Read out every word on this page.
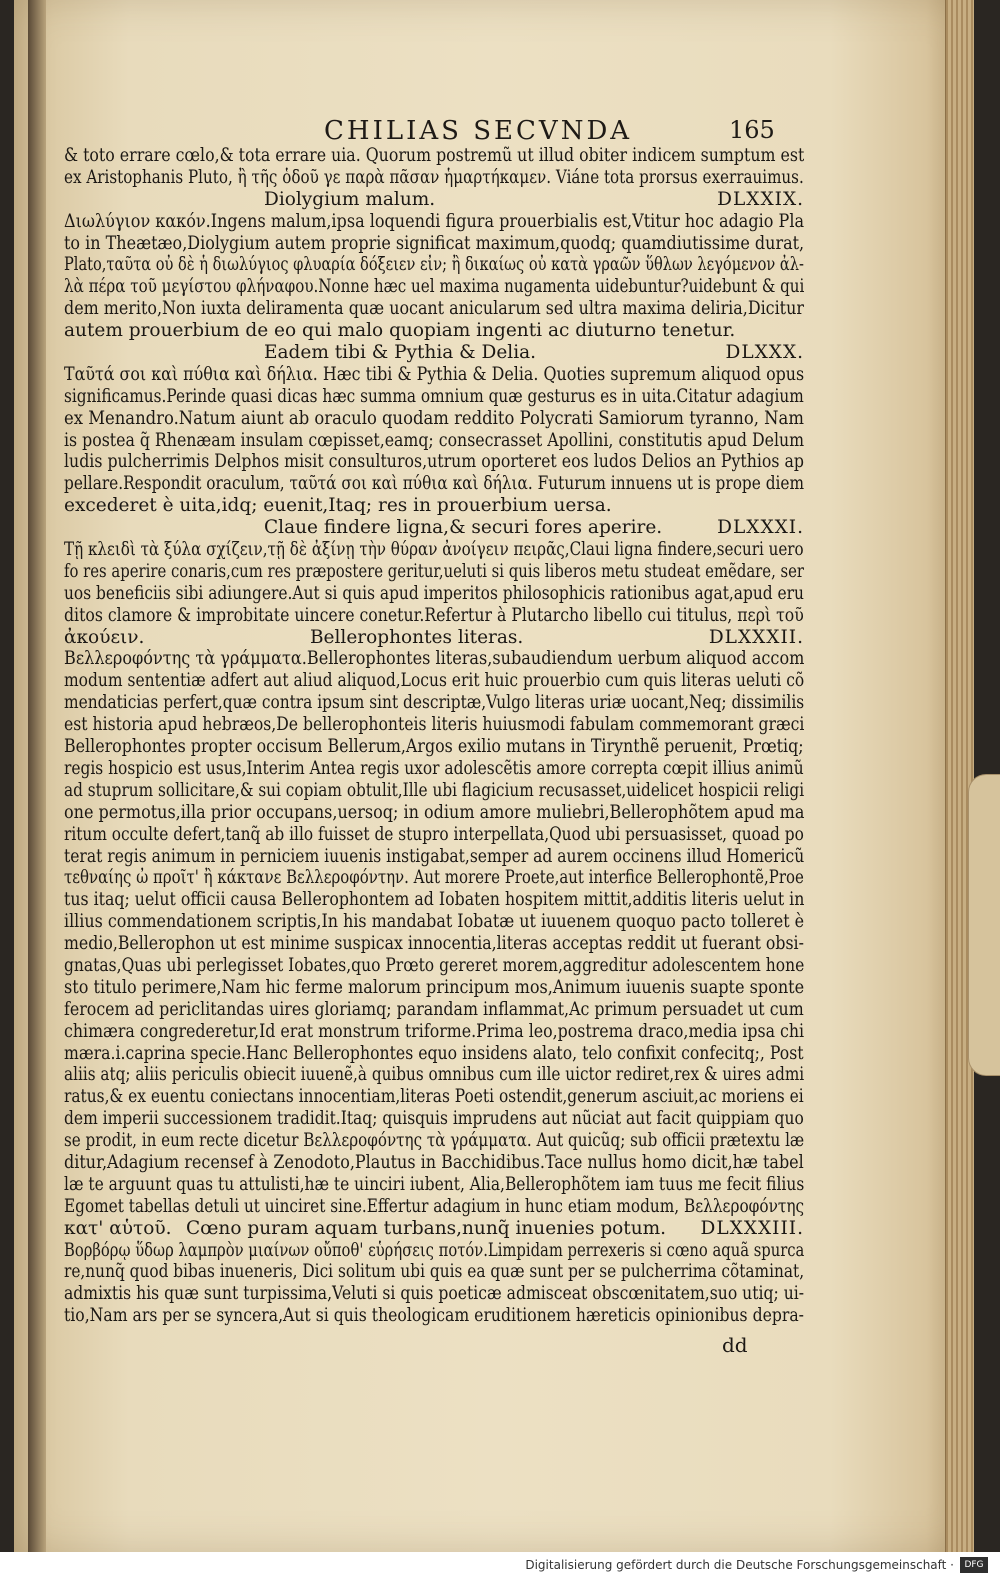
CHILIAS SECVNDA	165
& toto errare cœlo,& tota errare uia. Quorum postremũ ut illud obiter indicem sumptum est
ex Aristophanis Pluto, ἢ τῆς ὁδοῦ γε παρὰ πᾶσαν ἡμαρτήκαμεν. Viáne tota prorsus exerrauimus.
Diolygium malum.	DLXXIX.
Διωλύγιον κακόν.Ingens malum,ipsa loquendi figura prouerbialis est,Vtitur hoc adagio Pla
to in Theætæo,Diolygium autem proprie significat maximum,quodq; quamdiutissime durat,
Plato,ταῦτα οὐ δὲ ἡ διωλύγιος φλυαρία δόξειεν εἶν; ἢ δικαίως οὐ κατὰ γραῶν ὕθλων λεγόμενον ἀλ-
λὰ πέρα τοῦ μεγίστου φλήναφου.Nonne hæc uel maxima nugamenta uidebuntur?uidebunt & qui
dem merito,Non iuxta deliramenta quæ uocant anicularum sed ultra maxima deliria,Dicitur
autem prouerbium de eo qui malo quopiam ingenti ac diuturno tenetur.
Eadem tibi & Pythia & Delia.	DLXXX.
Ταῦτά σοι καὶ πύθια καὶ δήλια. Hæc tibi & Pythia & Delia. Quoties supremum aliquod opus
significamus.Perinde quasi dicas hæc summa omnium quæ gesturus es in uita.Citatur adagium
ex Menandro.Natum aiunt ab oraculo quodam reddito Polycrati Samiorum tyranno, Nam
is postea q̃ Rhenæam insulam cœpisset,eamq; consecrasset Apollini, constitutis apud Delum
ludis pulcherrimis Delphos misit consulturos,utrum oporteret eos ludos Delios an Pythios ap
pellare.Respondit oraculum, ταῦτά σοι καὶ πύθια καὶ δήλια. Futurum innuens ut is prope diem
excederet è uita,idq; euenit,Itaq; res in prouerbium uersa.
Claue findere ligna,& securi fores aperire.	DLXXXI.
Τῇ κλειδὶ τὰ ξύλα σχίζειν,τῇ δὲ ἀξίνῃ τὴν θύραν ἀνοίγειν πειρᾶς,Claui ligna findere,securi uero
fo res aperire conaris,cum res præpostere geritur,ueluti si quis liberos metu studeat emẽdare, ser
uos beneficiis sibi adiungere.Aut si quis apud imperitos philosophicis rationibus agat,apud eru
ditos clamore & improbitate uincere conetur.Refertur à Plutarcho libello cui titulus, περὶ τοῦ
ἀκούειν.	Bellerophontes literas.	DLXXXII.
Βελλεροφόντης τὰ γράμματα.Bellerophontes literas,subaudiendum uerbum aliquod accom
modum sententiæ adfert aut aliud aliquod,Locus erit huic prouerbio cum quis literas ueluti cõ
mendaticias perfert,quæ contra ipsum sint descriptæ,Vulgo literas uriæ uocant,Neq; dissimilis
est historia apud hebræos,De bellerophonteis literis huiusmodi fabulam commemorant græci
Bellerophontes propter occisum Bellerum,Argos exilio mutans in Tirynthẽ peruenit, Prœtiq;
regis hospicio est usus,Interim Antea regis uxor adolescẽtis amore correpta cœpit illius animũ
ad stuprum sollicitare,& sui copiam obtulit,Ille ubi flagicium recusasset,uidelicet hospicii religi
one permotus,illa prior occupans,uersoq; in odium amore muliebri,Bellerophõtem apud ma
ritum occulte defert,tanq̃ ab illo fuisset de stupro interpellata,Quod ubi persuasisset, quoad po
terat regis animum in perniciem iuuenis instigabat,semper ad aurem occinens illud Homericũ
τεθναίης ὦ προῖτ' ἢ κάκτανε Βελλεροφόντην. Aut morere Proete,aut interfice Bellerophontẽ,Proe
tus itaq; uelut officii causa Bellerophontem ad Iobaten hospitem mittit,additis literis uelut in
illius commendationem scriptis,In his mandabat Iobatæ ut iuuenem quoquo pacto tolleret è
medio,Bellerophon ut est minime suspicax innocentia,literas acceptas reddit ut fuerant obsi-
gnatas,Quas ubi perlegisset Iobates,quo Prœto gereret morem,aggreditur adolescentem hone
sto titulo perimere,Nam hic ferme malorum principum mos,Animum iuuenis suapte sponte
ferocem ad periclitandas uires gloriamq; parandam inflammat,Ac primum persuadet ut cum
chimæra congrederetur,Id erat monstrum triforme.Prima leo,postrema draco,media ipsa chi
mæra.i.caprina specie.Hanc Bellerophontes equo insidens alato, telo confixit confecitq;, Post
aliis atq; aliis periculis obiecit iuuenẽ,à quibus omnibus cum ille uictor rediret,rex & uires admi
ratus,& ex euentu coniectans innocentiam,literas Poeti ostendit,generum asciuit,ac moriens ei
dem imperii successionem tradidit.Itaq; quisquis imprudens aut nũciat aut facit quippiam quo
se prodit, in eum recte dicetur Βελλεροφόντης τὰ γράμματα. Aut quicũq; sub officii prætextu læ
ditur,Adagium recensef à Zenodoto,Plautus in Bacchidibus.Tace nullus homo dicit,hæ tabel
læ te arguunt quas tu attulisti,hæ te uinciri iubent, Alia,Bellerophõtem iam tuus me fecit filius
Egomet tabellas detuli ut uinciret sine.Effertur adagium in hunc etiam modum, Βελλεροφόντης
κατ' αὑτοῦ. Cœno puram aquam turbans,nunq̃ inuenies potum. DLXXXIII.
Βορβόρῳ ὕδωρ λαμπρὸν μιαίνων οὔποθ' εὑρήσεις ποτόν.Limpidam perrexeris si cœno aquã spurca
re,nunq̃ quod bibas inueneris, Dici solitum ubi quis ea quæ sunt per se pulcherrima cõtaminat,
admixtis his quæ sunt turpissima,Veluti si quis poeticæ admisceat obscœnitatem,suo utiq; ui-
tio,Nam ars per se syncera,Aut si quis theologicam eruditionem hæreticis opinionibus depra-
dd
Digitalisierung gefördert durch die Deutsche Forschungsgemeinschaft ·	DFG
